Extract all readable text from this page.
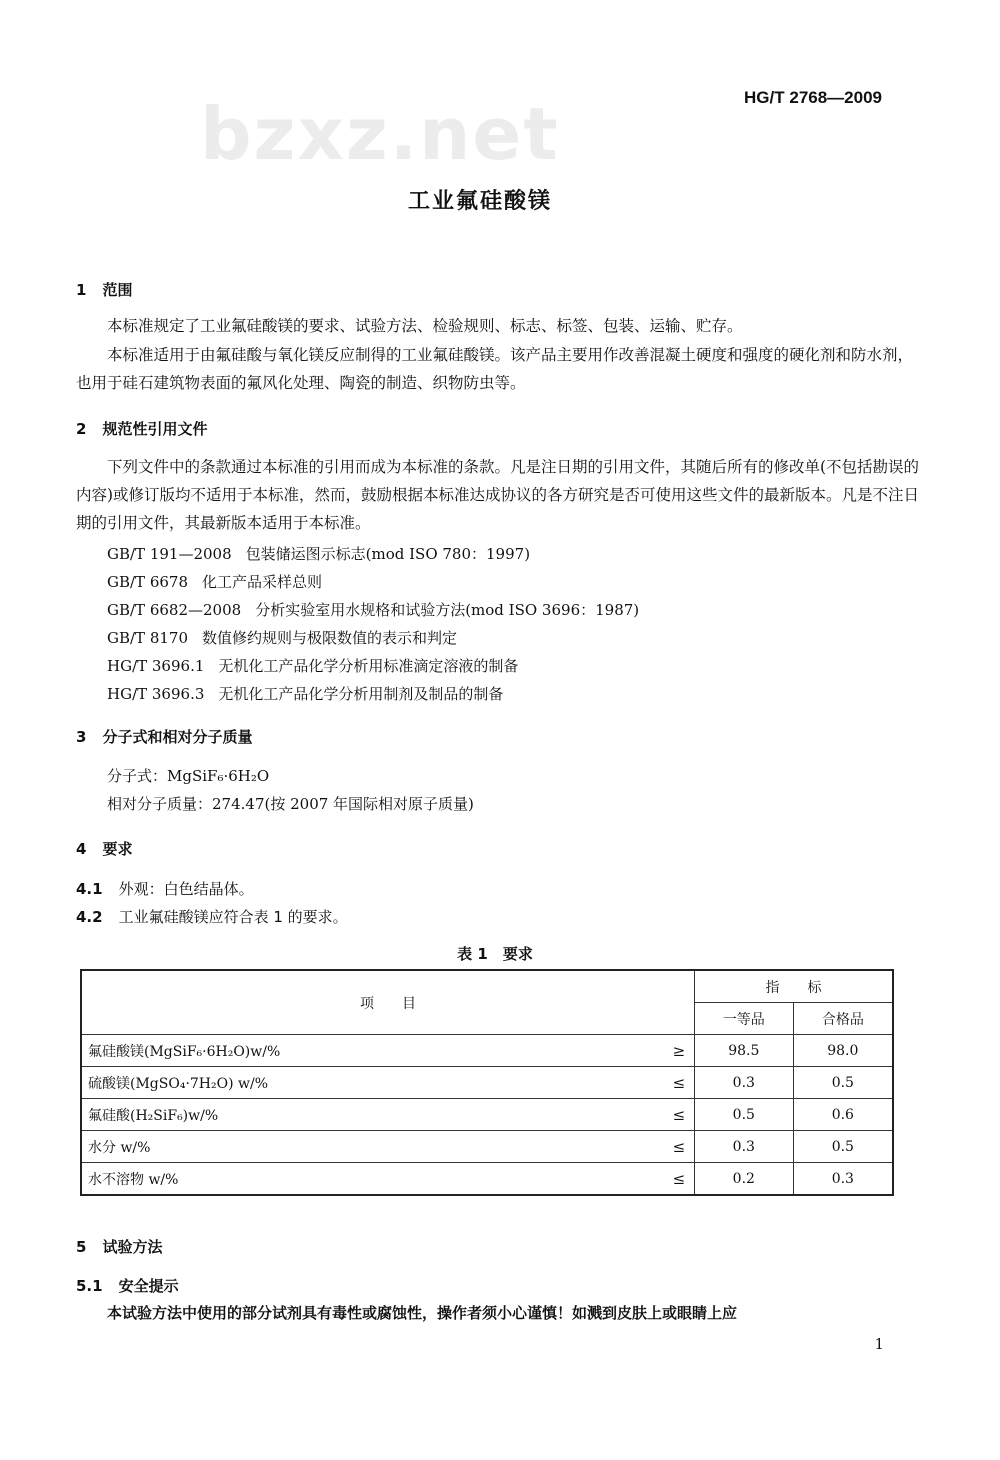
HG/T 2768—2009
bzxz.net
工业氟硅酸镁
1 范围
本标准规定了工业氟硅酸镁的要求、试验方法、检验规则、标志、标签、包装、运输、贮存。
本标准适用于由氟硅酸与氧化镁反应制得的工业氟硅酸镁。该产品主要用作改善混凝土硬度和强度的硬化剂和防水剂，也用于硅石建筑物表面的氟风化处理、陶瓷的制造、织物防虫等。
2 规范性引用文件
下列文件中的条款通过本标准的引用而成为本标准的条款。凡是注日期的引用文件，其随后所有的修改单(不包括勘误的内容)或修订版均不适用于本标准，然而，鼓励根据本标准达成协议的各方研究是否可使用这些文件的最新版本。凡是不注日期的引用文件，其最新版本适用于本标准。
GB/T 191—2008 包装储运图示标志(mod ISO 780：1997)
GB/T 6678 化工产品采样总则
GB/T 6682—2008 分析实验室用水规格和试验方法(mod ISO 3696：1987)
GB/T 8170 数值修约规则与极限数值的表示和判定
HG/T 3696.1 无机化工产品化学分析用标准滴定溶液的制备
HG/T 3696.3 无机化工产品化学分析用制剂及制品的制备
3 分子式和相对分子质量
分子式：MgSiF₆·6H₂O
相对分子质量：274.47(按 2007 年国际相对原子质量)
4 要求
4.1 外观：白色结晶体。
4.2 工业氟硅酸镁应符合表 1 的要求。
表 1　要求
项　　目		指　　标	
		一等品	合格品
氟硅酸镁(MgSiF₆·6H₂O)w/%	≥	98.5	98.0
硫酸镁(MgSO₄·7H₂O) w/%	≤	0.3	0.5
氟硅酸(H₂SiF₆)w/%	≤	0.5	0.6
水分 w/%	≤	0.3	0.5
水不溶物 w/%	≤	0.2	0.3
5 试验方法
5.1 安全提示
本试验方法中使用的部分试剂具有毒性或腐蚀性，操作者须小心谨慎！如溅到皮肤上或眼睛上应
1
